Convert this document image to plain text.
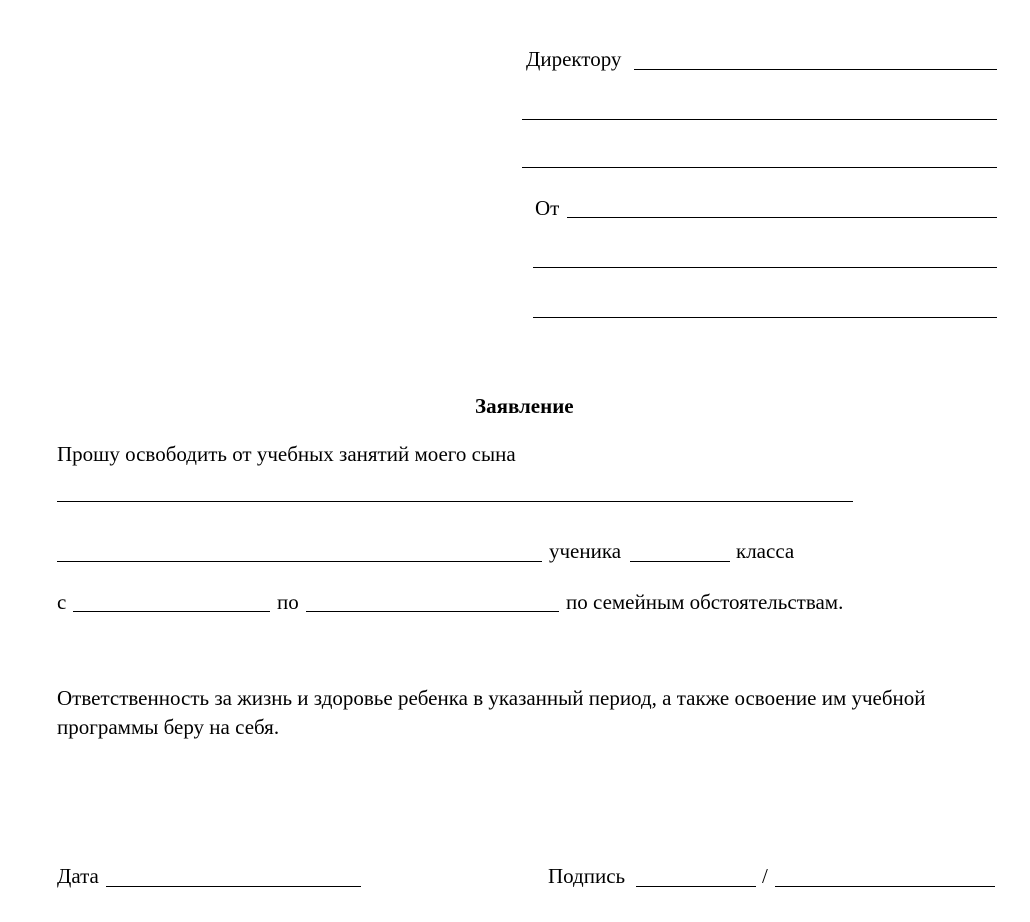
Директору
От
Заявление
Прошу освободить от учебных занятий моего сына
ученика	класса
с	по	по семейным обстоятельствам.
Ответственность за жизнь и здоровье ребенка в указанный период, а также освоение им учебной программы беру на себя.
Дата	Подпись	/
